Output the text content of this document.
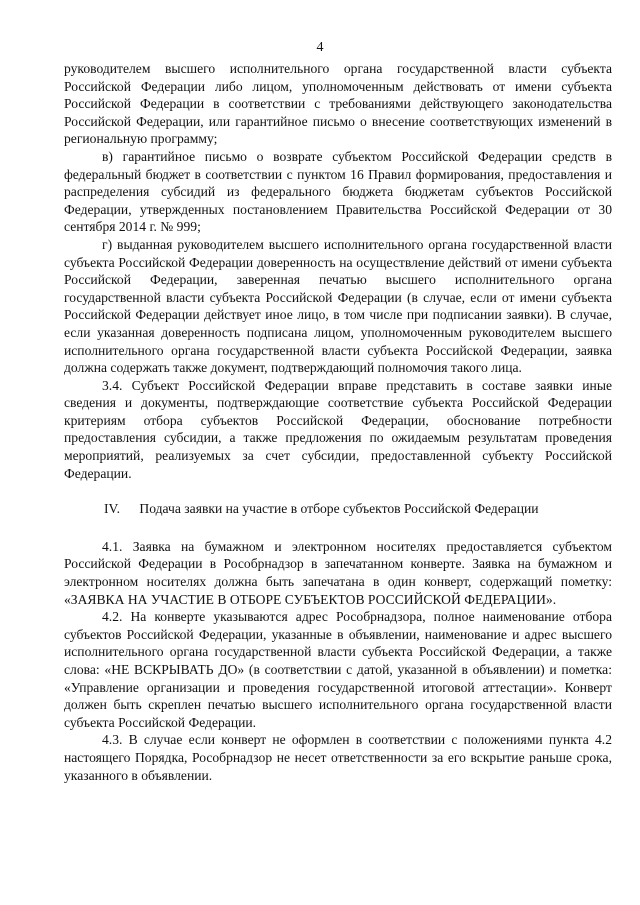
4

руководителем высшего исполнительного органа государственной власти субъекта Российской Федерации либо лицом, уполномоченным действовать от имени субъекта Российской Федерации в соответствии с требованиями действующего законодательства Российской Федерации, или гарантийное письмо о внесение соответствующих изменений в региональную программу;

в) гарантийное письмо о возврате субъектом Российской Федерации средств в федеральный бюджет в соответствии с пунктом 16 Правил формирования, предоставления и распределения субсидий из федерального бюджета бюджетам субъектов Российской Федерации, утвержденных постановлением Правительства Российской Федерации от 30 сентября 2014 г. № 999;

г) выданная руководителем высшего исполнительного органа государственной власти субъекта Российской Федерации доверенность на осуществление действий от имени субъекта Российской Федерации, заверенная печатью высшего исполнительного органа государственной власти субъекта Российской Федерации (в случае, если от имени субъекта Российской Федерации действует иное лицо, в том числе при подписании заявки). В случае, если указанная доверенность подписана лицом, уполномоченным руководителем высшего исполнительного органа государственной власти субъекта Российской Федерации, заявка должна содержать также документ, подтверждающий полномочия такого лица.

3.4. Субъект Российской Федерации вправе представить в составе заявки иные сведения и документы, подтверждающие соответствие субъекта Российской Федерации критериям отбора субъектов Российской Федерации, обоснование потребности предоставления субсидии, а также предложения по ожидаемым результатам проведения мероприятий, реализуемых за счет субсидии, предоставленной субъекту Российской Федерации.

IV. Подача заявки на участие в отборе субъектов Российской Федерации

4.1. Заявка на бумажном и электронном носителях предоставляется субъектом Российской Федерации в Рособрнадзор в запечатанном конверте. Заявка на бумажном и электронном носителях должна быть запечатана в один конверт, содержащий пометку: «ЗАЯВКА НА УЧАСТИЕ В ОТБОРЕ СУБЪЕКТОВ РОССИЙСКОЙ ФЕДЕРАЦИИ».

4.2. На конверте указываются адрес Рособрнадзора, полное наименование отбора субъектов Российской Федерации, указанные в объявлении, наименование и адрес высшего исполнительного органа государственной власти субъекта Российской Федерации, а также слова: «НЕ ВСКРЫВАТЬ ДО» (в соответствии с датой, указанной в объявлении) и пометка: «Управление организации и проведения государственной итоговой аттестации». Конверт должен быть скреплен печатью высшего исполнительного органа государственной власти субъекта Российской Федерации.

4.3. В случае если конверт не оформлен в соответствии с положениями пункта 4.2 настоящего Порядка, Рособрнадзор не несет ответственности за его вскрытие раньше срока, указанного в объявлении.
